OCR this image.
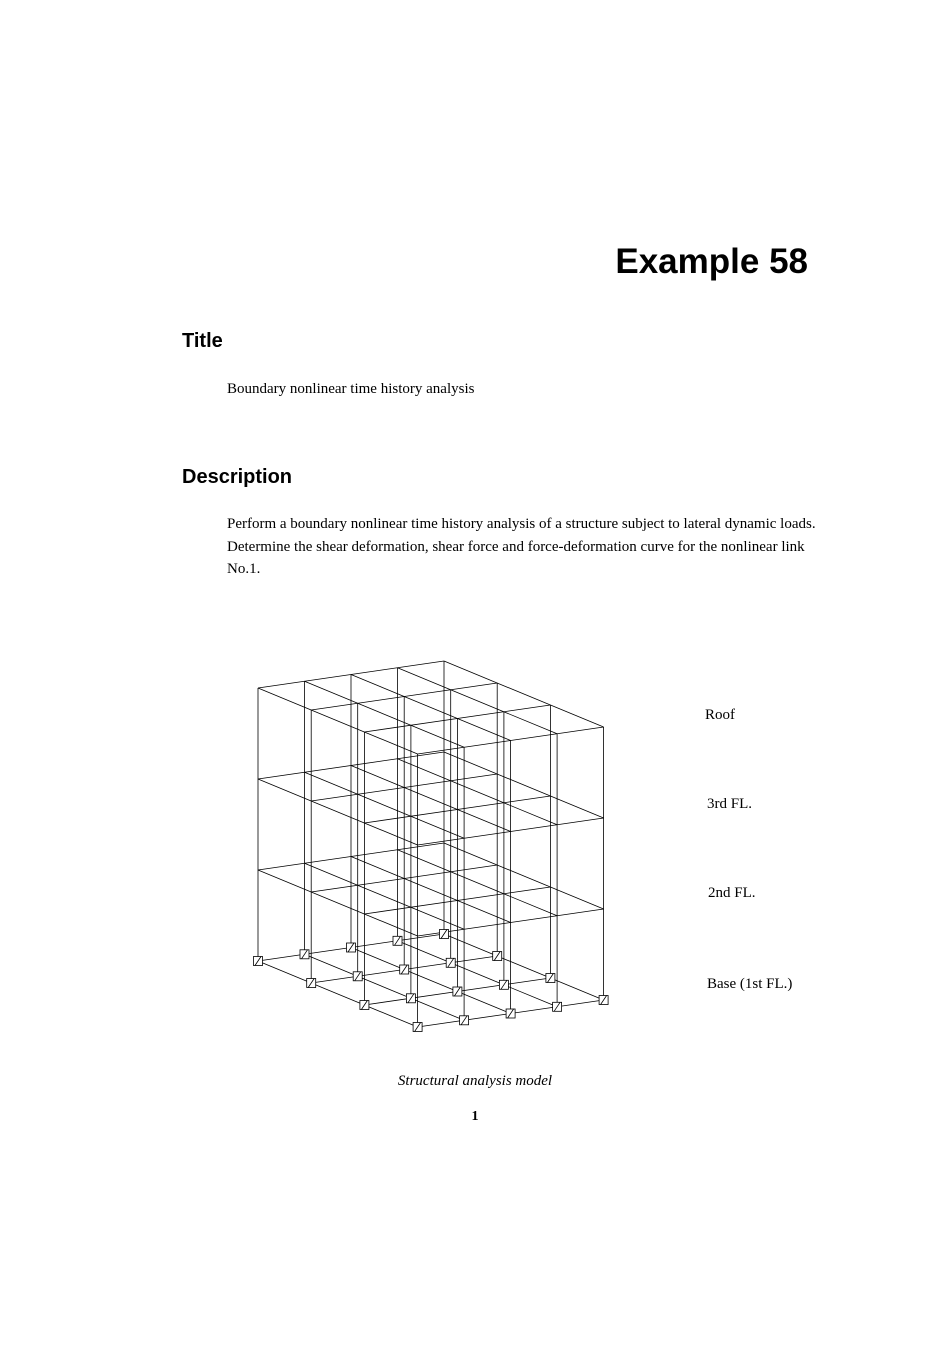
Example 58
Title

Boundary nonlinear time history analysis

Description

Perform a boundary nonlinear time history analysis of a structure subject to lateral dynamic loads.

Determine the shear deformation, shear force and force-deformation curve for the nonlinear link No.1.

Roof
3rd FL.
2nd FL.
Base (1st FL.)
Structural analysis model
1
